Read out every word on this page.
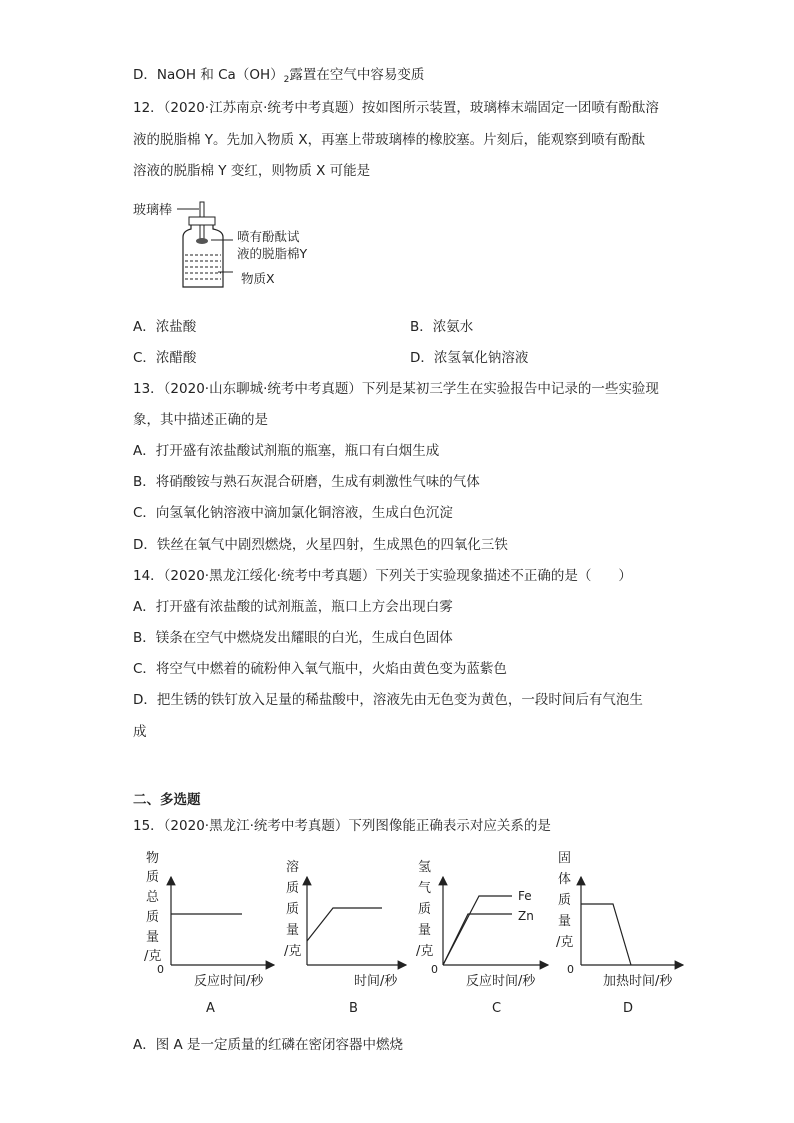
D．NaOH 和 $Ca(OH)_2$露置在空气中容易变质
12．（2020·江苏南京·统考中考真题）按如图所示装置，玻璃棒末端固定一团喷有酚酞溶
液的脱脂棉 Y。先加入物质 X，再塞上带玻璃棒的橡胶塞。片刻后，能观察到喷有酚酞
溶液的脱脂棉 Y 变红，则物质 X 可能是
玻璃棒
喷有酚酞试
液的脱脂棉Y
物质X
A．浓盐酸	B．浓氨水
C．浓醋酸	D．浓氢氧化钠溶液
13．（2020·山东聊城·统考中考真题）下列是某初三学生在实验报告中记录的一些实验现
象，其中描述正确的是
A．打开盛有浓盐酸试剂瓶的瓶塞，瓶口有白烟生成
B．将硝酸铵与熟石灰混合研磨，生成有刺激性气味的气体
C．向氢氧化钠溶液中滴加氯化铜溶液，生成白色沉淀
D．铁丝在氧气中剧烈燃烧，火星四射，生成黑色的四氧化三铁
14．（2020·黑龙江绥化·统考中考真题）下列关于实验现象描述不正确的是（　　）
A．打开盛有浓盐酸的试剂瓶盖，瓶口上方会出现白雾
B．镁条在空气中燃烧发出耀眼的白光，生成白色固体
C．将空气中燃着的硫粉伸入氧气瓶中，火焰由黄色变为蓝紫色
D．把生锈的铁钉放入足量的稀盐酸中，溶液先由无色变为黄色，一段时间后有气泡生
成
二、多选题
15．（2020·黑龙江·统考中考真题）下列图像能正确表示对应关系的是
物
质
总
质
量
/克
0
反应时间/秒
A
溶
质
质
量
/克
时间/秒
B
氢
气
质
量
/克
Fe
Zn
0
反应时间/秒
C
固
体
质
量
/克
0
加热时间/秒
D
A．图 A 是一定质量的红磷在密闭容器中燃烧
